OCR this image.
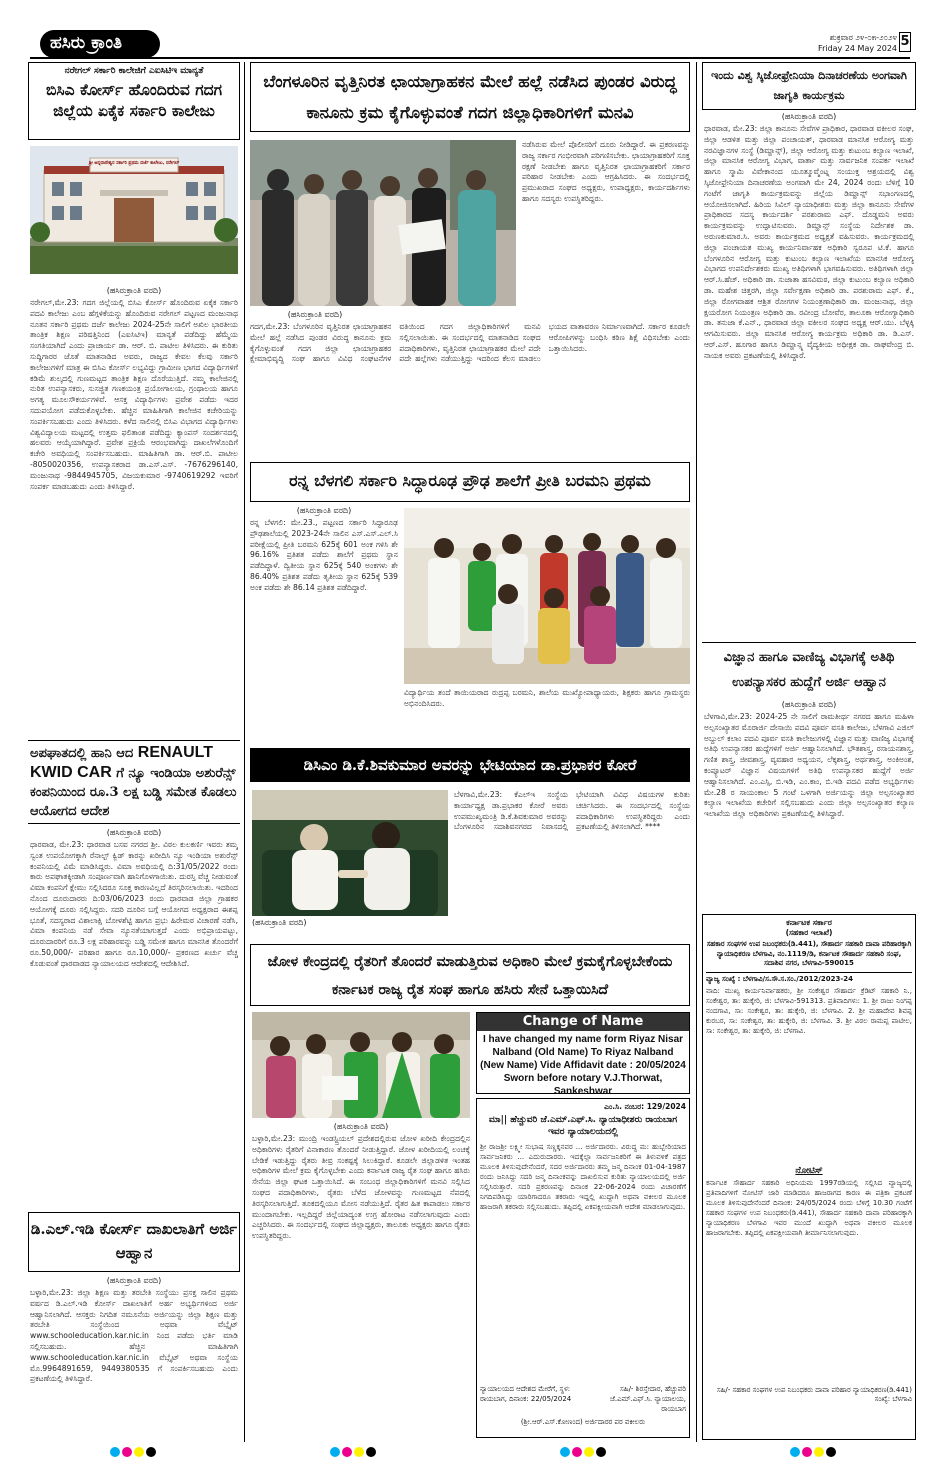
ಹಸಿರು ಕ್ರಾಂತಿ	ಶುಕ್ರವಾರ ೨೪-೦೫-೨೦೨೪
Friday 24 May 2024 5
ನರೇಗಲ್ ಸರ್ಕಾರಿ ಕಾಲೇಜಿಗೆ ಎಐಸಿಟಿಇ ಮಾನ್ಯತೆ
ಬಿಸಿಎ ಕೋರ್ಸ್ ಹೊಂದಿರುವ ಗದಗ ಜಿಲ್ಲೆಯ ಏಕೈಕ ಸರ್ಕಾರಿ ಕಾಲೇಜು
ಶ್ರೀ ಅನ್ನದಾನೇಶ್ವರ ಸರ್ಕಾರಿ ಪ್ರಥಮ ದರ್ಜೆ ಕಾಲೇಜು, ನರೇಗಲ್
(ಹಸಿರುಕ್ರಾಂತಿ ವರದಿ)
ನರೇಗಲ್,ಮೇ.23: ಗದಗ ಜಿಲ್ಲೆಯಲ್ಲಿ ಬಿಸಿಎ ಕೋರ್ಸ್ ಹೊಂದಿರುವ ಏಕೈಕ ಸರ್ಕಾರಿ ಪದವಿ ಕಾಲೇಜು ಎಂಬ ಹೆಗ್ಗಳಿಕೆಯನ್ನು ಹೊಂದಿರುವ ನರೇಗಲ್ ಪಟ್ಟಣದ ಮಂಜುನಾಥ ನೂತನ ಸರ್ಕಾರಿ ಪ್ರಥಮ ದರ್ಜೆ ಕಾಲೇಜು 2024-25ನೇ ಸಾಲಿಗೆ ಅಖಿಲ ಭಾರತೀಯ ತಾಂತ್ರಿಕ ಶಿಕ್ಷಣ ಪರಿಷತ್ತಿನಿಂದ (ಎಐಸಿಟಿಇ) ಮಾನ್ಯತೆ ಪಡೆದಿದ್ದು ಹೆಮ್ಮೆಯ ಸಂಗತಿಯಾಗಿದೆ ಎಂದು ಪ್ರಾಚಾರ್ಯ ಡಾ. ಆರ್. ಬಿ. ಪಾಟೀಲ ತಿಳಿಸಿದರು. ಈ ಕುರಿತು ಸುದ್ದಿಗಾರರ ಜೊತೆ ಮಾತನಾಡಿದ ಅವರು, ರಾಜ್ಯದ ಕೇವಲ ಕೆಲವು ಸರ್ಕಾರಿ ಕಾಲೇಜುಗಳಿಗೆ ಮಾತ್ರ ಈ ಬಿಸಿಎ ಕೋರ್ಸ್ ಲಭ್ಯವಿದ್ದು ಗ್ರಾಮೀಣ ಭಾಗದ ವಿದ್ಯಾರ್ಥಿಗಳಿಗೆ ಕಡಿಮೆ ಶುಲ್ಕದಲ್ಲಿ ಗುಣಮಟ್ಟದ ತಾಂತ್ರಿಕ ಶಿಕ್ಷಣ ದೊರೆಯುತ್ತಿದೆ. ನಮ್ಮ ಕಾಲೇಜಿನಲ್ಲಿ ನುರಿತ ಉಪನ್ಯಾಸಕರು, ಸುಸಜ್ಜಿತ ಗಣಕಯಂತ್ರ ಪ್ರಯೋಗಾಲಯ, ಗ್ರಂಥಾಲಯ ಹಾಗೂ ಅಗತ್ಯ ಮೂಲಸೌಕರ್ಯಗಳಿವೆ. ಆಸಕ್ತ ವಿದ್ಯಾರ್ಥಿಗಳು ಪ್ರವೇಶ ಪಡೆದು ಇದರ ಸದುಪಯೋಗ ಪಡೆದುಕೊಳ್ಳಬೇಕು. ಹೆಚ್ಚಿನ ಮಾಹಿತಿಗಾಗಿ ಕಾಲೇಜಿನ ಕಚೇರಿಯನ್ನು ಸಂಪರ್ಕಿಸಬಹುದು ಎಂದು ತಿಳಿಸಿದರು. ಕಳೆದ ಸಾಲಿನಲ್ಲಿ ಬಿಸಿಎ ವಿಭಾಗದ ವಿದ್ಯಾರ್ಥಿಗಳು ವಿಶ್ವವಿದ್ಯಾಲಯ ಮಟ್ಟದಲ್ಲಿ ಉತ್ತಮ ಫಲಿತಾಂಶ ಪಡೆದಿದ್ದು ಕ್ಯಾಂಪಸ್ ಸಂದರ್ಶನದಲ್ಲಿ ಹಲವರು ಆಯ್ಕೆಯಾಗಿದ್ದಾರೆ. ಪ್ರವೇಶ ಪ್ರಕ್ರಿಯೆ ಆರಂಭವಾಗಿದ್ದು ದಾಖಲೆಗಳೊಂದಿಗೆ ಕಚೇರಿ ಅವಧಿಯಲ್ಲಿ ಸಂಪರ್ಕಿಸಬಹುದು. ಮಾಹಿತಿಗಾಗಿ ಡಾ. ಆರ್.ಬಿ. ಪಾಟೀಲ -8050020356, ಉಪನ್ಯಾಸಕರಾದ ಡಾ.ಎಸ್.ಎಸ್. -7676296140, ಮಂಜುನಾಥ -9844945705, ವಿಜಯಕುಮಾರ -9740619292 ಇವರಿಗೆ ಸಂಪರ್ಕ ಮಾಡಬಹುದು ಎಂದು ತಿಳಿಸಿದ್ದಾರೆ.
ಅಪಘಾತದಲ್ಲಿ ಹಾನಿ ಆದ RENAULT KWID CAR ಗೆ ನ್ಯೂ ಇಂಡಿಯಾ ಅಶುರೆನ್ಸ್ ಕಂಪನಿಯಿಂದ ರೂ.3 ಲಕ್ಷ ಬಡ್ಡಿ ಸಮೇತ ಕೊಡಲು ಆಯೋಗದ ಆದೇಶ
(ಹಸಿರುಕ್ರಾಂತಿ ವರದಿ)
ಧಾರವಾಡ, ಮೇ.23: ಧಾರವಾಡ ಬಸವ ನಗರದ ಶ್ರೀ. ವಿಠಲ ಕುಲಕರ್ಣಿ ಇವರು ತಮ್ಮ ಸ್ವಂತ ಉಪಯೋಗಕ್ಕಾಗಿ ರೆನಾಲ್ಟ್ ಕ್ವಿಡ್ ಕಾರನ್ನು ಖರೀದಿಸಿ ನ್ಯೂ ಇಂಡಿಯಾ ಅಶುರೆನ್ಸ್ ಕಂಪನಿಯಲ್ಲಿ ವಿಮೆ ಮಾಡಿಸಿದ್ದರು. ವಿಮಾ ಅವಧಿಯಲ್ಲಿ ದಿ:31/05/2022 ರಂದು ಕಾರು ಅಪಘಾತಕ್ಕೀಡಾಗಿ ಸಂಪೂರ್ಣವಾಗಿ ಹಾನಿಗೊಳಗಾಯಿತು. ದುರಸ್ತಿ ವೆಚ್ಚ ನೀಡುವಂತೆ ವಿಮಾ ಕಂಪನಿಗೆ ಕ್ಲೇಮು ಸಲ್ಲಿಸಿದರೂ ಸೂಕ್ತ ಕಾರಣವಿಲ್ಲದೆ ತಿರಸ್ಕರಿಸಲಾಯಿತು. ಇದರಿಂದ ನೊಂದ ದೂರುದಾರರು ದಿ:03/06/2023 ರಂದು ಧಾರವಾಡ ಜಿಲ್ಲಾ ಗ್ರಾಹಕರ ಆಯೋಗಕ್ಕೆ ದೂರು ಸಲ್ಲಿಸಿದ್ದರು. ಸದರಿ ದೂರಿನ ಬಗ್ಗೆ ಆಯೋಗದ ಅಧ್ಯಕ್ಷರಾದ ಈಶಪ್ಪ ಭೂತೆ, ಸದಸ್ಯರಾದ ವಿಶಾಲಾಕ್ಷಿ ಬೋಳಶೆಟ್ಟಿ ಹಾಗೂ ಪ್ರಭು ಹಿರೇಮಠ ವಿಚಾರಣೆ ನಡೆಸಿ, ವಿಮಾ ಕಂಪನಿಯ ನಡೆ ಸೇವಾ ನ್ಯೂನತೆಯಾಗುತ್ತದೆ ಎಂದು ಅಭಿಪ್ರಾಯಪಟ್ಟು, ದೂರುದಾರರಿಗೆ ರೂ.3 ಲಕ್ಷ ಪರಿಹಾರವನ್ನು ಬಡ್ಡಿ ಸಮೇತ ಹಾಗೂ ಮಾನಸಿಕ ತೊಂದರೆಗೆ ರೂ.50,000/- ಪರಿಹಾರ ಹಾಗೂ ರೂ.10,000/- ಪ್ರಕರಣದ ಖರ್ಚು ವೆಚ್ಚ ಕೊಡುವಂತೆ ಧಾರವಾಡದ ನ್ಯಾಯಾಲಯದ ಆದೇಶದಲ್ಲಿ ಆದೇಶಿಸಿದೆ.
ಡಿ.ಎಲ್.ಇಡಿ ಕೋರ್ಸ್ ದಾಖಲಾತಿಗೆ ಅರ್ಜಿ ಆಹ್ವಾನ
(ಹಸಿರುಕ್ರಾಂತಿ ವರದಿ)
ಬಳ್ಳಾರಿ,ಮೇ.23: ಜಿಲ್ಲಾ ಶಿಕ್ಷಣ ಮತ್ತು ತರಬೇತಿ ಸಂಸ್ಥೆಯು ಪ್ರಸಕ್ತ ಸಾಲಿನ ಪ್ರಥಮ ವರ್ಷದ ಡಿ.ಎಲ್.ಇಡಿ ಕೋರ್ಸ್ ದಾಖಲಾತಿಗೆ ಅರ್ಹ ಅಭ್ಯರ್ಥಿಗಳಿಂದ ಅರ್ಜಿ ಆಹ್ವಾನಿಸಲಾಗಿದೆ. ಆಸಕ್ತರು ನಿಗದಿತ ನಮೂನೆಯ ಅರ್ಜಿಯನ್ನು ಜಿಲ್ಲಾ ಶಿಕ್ಷಣ ಮತ್ತು ತರಬೇತಿ ಸಂಸ್ಥೆಯಿಂದ ಅಥವಾ ವೆಬ್ಸೈಟ್ www.schooleducation.kar.nic.in ನಿಂದ ಪಡೆದು ಭರ್ತಿ ಮಾಡಿ ಸಲ್ಲಿಸಬಹುದು. ಹೆಚ್ಚಿನ ಮಾಹಿತಿಗಾಗಿ www.schooleducation.kar.nic.in ವೆಬ್ಸೈಟ್ ಅಥವಾ ಸಂಸ್ಥೆಯ ಮೊ.9964891659, 9449380535 ಗೆ ಸಂಪರ್ಕಿಸಬಹುದು ಎಂದು ಪ್ರಕಟಣೆಯಲ್ಲಿ ತಿಳಿಸಿದ್ದಾರೆ.
ಬೆಂಗಳೂರಿನ ವೃತ್ತಿನಿರತ ಛಾಯಾಗ್ರಾಹಕನ ಮೇಲೆ ಹಲ್ಲೆ ನಡೆಸಿದ ಪುಂಡರ ವಿರುದ್ಧ ಕಾನೂನು ಕ್ರಮ ಕೈಗೊಳ್ಳುವಂತೆ ಗದಗ ಜಿಲ್ಲಾಧಿಕಾರಿಗಳಿಗೆ ಮನವಿ
ನಡೆಸಿರುವ ಮೇಲೆ ಪೊಲೀಸರಿಗೆ ದೂರು ನೀಡಿದ್ದಾರೆ. ಈ ಪ್ರಕರಣವನ್ನು ರಾಜ್ಯ ಸರ್ಕಾರ ಗಂಭೀರವಾಗಿ ಪರಿಗಣಿಸಬೇಕು. ಛಾಯಾಗ್ರಾಹಕರಿಗೆ ಸೂಕ್ತ ರಕ್ಷಣೆ ನೀಡಬೇಕು ಹಾಗೂ ವೃತ್ತಿನಿರತ ಛಾಯಾಗ್ರಾಹಕರಿಗೆ ಸರ್ಕಾರ ಪರಿಹಾರ ನೀಡಬೇಕು ಎಂದು ಆಗ್ರಹಿಸಿದರು. ಈ ಸಂದರ್ಭದಲ್ಲಿ ಪ್ರಮುಖರಾದ ಸಂಘದ ಅಧ್ಯಕ್ಷರು, ಉಪಾಧ್ಯಕ್ಷರು, ಕಾರ್ಯದರ್ಶಿಗಳು ಹಾಗೂ ಸದಸ್ಯರು ಉಪಸ್ಥಿತರಿದ್ದರು.
(ಹಸಿರುಕ್ರಾಂತಿ ವರದಿ)
ಗದಗ,ಮೇ.23: ಬೆಂಗಳೂರಿನ ವೃತ್ತಿನಿರತ ಛಾಯಾಗ್ರಾಹಕನ ಮೇಲೆ ಹಲ್ಲೆ ನಡೆಸಿದ ಪುಂಡರ ವಿರುದ್ಧ ಕಾನೂನು ಕ್ರಮ ಕೈಗೊಳ್ಳುವಂತೆ ಗದಗ ಜಿಲ್ಲಾ ಛಾಯಾಗ್ರಾಹಕರ ಕ್ಷೇಮಾಭಿವೃದ್ಧಿ ಸಂಘ ಹಾಗೂ ವಿವಿಧ ಸಂಘಟನೆಗಳ ವತಿಯಿಂದ ಗದಗ ಜಿಲ್ಲಾಧಿಕಾರಿಗಳಿಗೆ ಮನವಿ ಸಲ್ಲಿಸಲಾಯಿತು. ಈ ಸಂದರ್ಭದಲ್ಲಿ ಮಾತನಾಡಿದ ಸಂಘದ ಪದಾಧಿಕಾರಿಗಳು, ವೃತ್ತಿನಿರತ ಛಾಯಾಗ್ರಾಹಕರ ಮೇಲೆ ಪದೇ ಪದೇ ಹಲ್ಲೆಗಳು ನಡೆಯುತ್ತಿದ್ದು ಇದರಿಂದ ಕೆಲಸ ಮಾಡಲು ಭಯದ ವಾತಾವರಣ ನಿರ್ಮಾಣವಾಗಿದೆ. ಸರ್ಕಾರ ಕೂಡಲೇ ಆರೋಪಿಗಳನ್ನು ಬಂಧಿಸಿ ಕಠಿಣ ಶಿಕ್ಷೆ ವಿಧಿಸಬೇಕು ಎಂದು ಒತ್ತಾಯಿಸಿದರು.
ರನ್ನ ಬೆಳಗಲಿ ಸರ್ಕಾರಿ ಸಿದ್ಧಾರೂಢ ಪ್ರೌಢ ಶಾಲೆಗೆ ಪ್ರೀತಿ ಬರಮನಿ ಪ್ರಥಮ
(ಹಸಿರುಕ್ರಾಂತಿ ವರದಿ)
ರನ್ನ ಬೆಳಗಲಿ: ಮೇ.23., ಪಟ್ಟಣದ ಸರ್ಕಾರಿ ಸಿದ್ಧಾರೂಢ ಪ್ರೌಢಶಾಲೆಯಲ್ಲಿ 2023-24ನೇ ಸಾಲಿನ ಎಸ್.ಎಸ್.ಎಲ್.ಸಿ ಪರೀಕ್ಷೆಯಲ್ಲಿ ಪ್ರೀತಿ ಬರಮನಿ 625ಕ್ಕೆ 601 ಅಂಕ ಗಳಿಸಿ ಶೇ 96.16% ಪ್ರತಿಶತ ಪಡೆದು ಶಾಲೆಗೆ ಪ್ರಥಮ ಸ್ಥಾನ ಪಡೆದಿದ್ದಾಳೆ. ದ್ವಿತೀಯ ಸ್ಥಾನ 625ಕ್ಕೆ 540 ಅಂಕಗಳು ಶೇ 86.40% ಪ್ರತಿಶತ ಪಡೆದು ತೃತೀಯ ಸ್ಥಾನ 625ಕ್ಕೆ 539 ಅಂಕ ಪಡೆದು ಶೇ 86.14 ಪ್ರತಿಶತ ಪಡೆದಿದ್ದಾರೆ.
ವಿದ್ಯಾರ್ಥಿಯ ತಂದೆ ತಾಯಿಯರಾದ ರುದ್ರಪ್ಪ ಬರಮನಿ, ಶಾಲೆಯ ಮುಖ್ಯೋಪಾಧ್ಯಾಯರು, ಶಿಕ್ಷಕರು ಹಾಗೂ ಗ್ರಾಮಸ್ಥರು ಅಭಿನಂದಿಸಿದರು.
ಡಿಸಿಎಂ ಡಿ.ಕೆ.ಶಿವಕುಮಾರ ಅವರನ್ನು ಭೇಟಿಯಾದ ಡಾ.ಪ್ರಭಾಕರ ಕೋರೆ
(ಹಸಿರುಕ್ರಾಂತಿ ವರದಿ)
ಬೆಳಗಾವಿ,ಮೇ.23: ಕೆಎಲ್ಇ ಸಂಸ್ಥೆಯ ಕಾರ್ಯಾಧ್ಯಕ್ಷ ಡಾ.ಪ್ರಭಾಕರ ಕೋರೆ ಅವರು ಉಪಮುಖ್ಯಮಂತ್ರಿ ಡಿ.ಕೆ.ಶಿವಕುಮಾರ ಅವರನ್ನು ಬೆಂಗಳೂರಿನ ಸದಾಶಿವನಗರದ ನಿವಾಸದಲ್ಲಿ ಭೇಟಿಯಾಗಿ ವಿವಿಧ ವಿಷಯಗಳ ಕುರಿತು ಚರ್ಚಿಸಿದರು. ಈ ಸಂದರ್ಭದಲ್ಲಿ ಸಂಸ್ಥೆಯ ಪದಾಧಿಕಾರಿಗಳು ಉಪಸ್ಥಿತರಿದ್ದರು ಎಂದು ಪ್ರಕಟಣೆಯಲ್ಲಿ ತಿಳಿಸಲಾಗಿದೆ. ****
ಜೋಳ ಕೇಂದ್ರದಲ್ಲಿ ರೈತರಿಗೆ ತೊಂದರೆ ಮಾಡುತ್ತಿರುವ ಅಧಿಕಾರಿ ಮೇಲೆ ಕ್ರಮಕೈಗೊಳ್ಳಬೇಕೆಂದು ಕರ್ನಾಟಕ ರಾಜ್ಯ ರೈತ ಸಂಘ ಹಾಗೂ ಹಸಿರು ಸೇನೆ ಒತ್ತಾಯಿಸಿದೆ
(ಹಸಿರುಕ್ರಾಂತಿ ವರದಿ)
ಬಳ್ಳಾರಿ,ಮೇ.23: ಮುಂದ್ರಿ ಇಂಡಸ್ಟ್ರಿಯಲ್ ಪ್ರದೇಶದಲ್ಲಿರುವ ಜೋಳ ಖರೀದಿ ಕೇಂದ್ರದಲ್ಲಿನ ಅಧಿಕಾರಿಗಳು ರೈತರಿಗೆ ವಿನಾಕಾರಣ ತೊಂದರೆ ನೀಡುತ್ತಿದ್ದಾರೆ. ಜೋಳ ಖರೀದಿಯಲ್ಲಿ ಲಂಚಕ್ಕೆ ಬೇಡಿಕೆ ಇಡುತ್ತಿದ್ದು ರೈತರು ತೀವ್ರ ಸಂಕಷ್ಟಕ್ಕೆ ಸಿಲುಕಿದ್ದಾರೆ. ಕೂಡಲೇ ಜಿಲ್ಲಾಡಳಿತ ಇಂತಹ ಅಧಿಕಾರಿಗಳ ಮೇಲೆ ಕ್ರಮ ಕೈಗೊಳ್ಳಬೇಕು ಎಂದು ಕರ್ನಾಟಕ ರಾಜ್ಯ ರೈತ ಸಂಘ ಹಾಗೂ ಹಸಿರು ಸೇನೆಯ ಜಿಲ್ಲಾ ಘಟಕ ಒತ್ತಾಯಿಸಿದೆ. ಈ ಸಂಬಂಧ ಜಿಲ್ಲಾಧಿಕಾರಿಗಳಿಗೆ ಮನವಿ ಸಲ್ಲಿಸಿದ ಸಂಘದ ಪದಾಧಿಕಾರಿಗಳು, ರೈತರು ಬೆಳೆದ ಜೋಳವನ್ನು ಗುಣಮಟ್ಟದ ನೆಪದಲ್ಲಿ ತಿರಸ್ಕರಿಸಲಾಗುತ್ತಿದೆ. ತೂಕದಲ್ಲಿಯೂ ಮೋಸ ನಡೆಯುತ್ತಿದೆ. ರೈತರ ಹಿತ ಕಾಪಾಡಲು ಸರ್ಕಾರ ಮುಂದಾಗಬೇಕು. ಇಲ್ಲದಿದ್ದರೆ ಜಿಲ್ಲೆಯಾದ್ಯಂತ ಉಗ್ರ ಹೋರಾಟ ನಡೆಸಲಾಗುವುದು ಎಂದು ಎಚ್ಚರಿಸಿದರು. ಈ ಸಂದರ್ಭದಲ್ಲಿ ಸಂಘದ ಜಿಲ್ಲಾಧ್ಯಕ್ಷರು, ತಾಲೂಕು ಅಧ್ಯಕ್ಷರು ಹಾಗೂ ರೈತರು ಉಪಸ್ಥಿತರಿದ್ದರು.
Change of Name
I have changed my name form Riyaz Nisar Nalband (Old Name) To Riyaz Nalband (New Name) Vide Affidavit date : 20/05/2024 Sworn before notary V.J.Thorwat, Sankeshwar
ಎಂ.ಸಿ. ನಂಬರ: 129/2024
ಮಾ|| ಹೆಚ್ಚುವರಿ ಜೆ.ಎಮ್.ಎಫ್.ಸಿ. ನ್ಯಾಯಾಧೀಶರು ರಾಯಬಾಗ ಇವರ ನ್ಯಾಯಾಲಯದಲ್ಲಿ
ಶ್ರೀ ರಾಜಶ್ರೀ ಲಕ್ಷ್ಮೀ ಸುಭಾಷ ಸಣ್ಣಕ್ಕನವರ ... ಅರ್ಜಿದಾರರು. ವಿರುದ್ಧ ಮ: ಹುಬ್ಬೇರಿಯಾದ ಸಾರ್ವಜನಿಕರು ... ಎದುರುದಾರರು. ಇದಕ್ಕೆಲ್ಲಾ ಸಾರ್ವಜನಿಕರಿಗೆ ಈ ತಿಳುವಳಿಕೆ ಪತ್ರದ ಮೂಲಕ ತಿಳಿಸುವುದೇನೆಂದರೆ, ಸದರ ಅರ್ಜಿದಾರರು ತಮ್ಮ ಜನ್ಮ ದಿನಾಂಕ 01-04-1987 ರಂದು ಜನಿಸಿದ್ದು ಸದರಿ ಜನ್ಮ ದಿನಾಂಕವನ್ನು ದಾಖಲಿಸುವ ಕುರಿತು ನ್ಯಾಯಾಲಯದಲ್ಲಿ ಅರ್ಜಿ ಸಲ್ಲಿಸಿರುತ್ತಾರೆ. ಸದರಿ ಪ್ರಕರಣವನ್ನು ದಿನಾಂಕ 22-06-2024 ರಂದು ವಿಚಾರಣೆಗೆ ನಿಗದಿಪಡಿಸಿದ್ದು ಯಾರಿಗಾದರೂ ತಕರಾರು ಇದ್ದಲ್ಲಿ ಖುದ್ದಾಗಿ ಅಥವಾ ವಕೀಲರ ಮೂಲಕ ಹಾಜರಾಗಿ ತಕರಾರು ಸಲ್ಲಿಸಬಹುದು. ತಪ್ಪಿದಲ್ಲಿ ಏಕಪಕ್ಷೀಯವಾಗಿ ಆದೇಶ ಮಾಡಲಾಗುವುದು.
ನ್ಯಾಯಾಲಯದ ಆದೇಶದ ಮೇರೆಗೆ, ಸ್ಥಳ: ರಾಯಬಾಗ, ದಿನಾಂಕ: 22/05/2024
ಸಹಿ/- ಶಿರಸ್ತೇದಾರ, ಹೆಚ್ಚುವರಿ ಜೆ.ಎಮ್.ಎಫ್.ಸಿ. ನ್ಯಾಯಾಲಯ, ರಾಯಬಾಗ
(ಶ್ರೀ.ಆರ್.ಎಸ್.ಕೋಣಂದ) ಅರ್ಜಿದಾರರ ಪರ ವಕೀಲರು
ಇಂದು ವಿಶ್ವ ಸ್ಕಿಜೋಫ್ರೇನಿಯಾ ದಿನಾಚರಣೆಯ ಅಂಗವಾಗಿ ಜಾಗೃತಿ ಕಾರ್ಯಕ್ರಮ
(ಹಸಿರುಕ್ರಾಂತಿ ವರದಿ)
ಧಾರವಾಡ, ಮೇ.23: ಜಿಲ್ಲಾ ಕಾನೂನು ಸೇವೆಗಳ ಪ್ರಾಧಿಕಾರ, ಧಾರವಾಡ ವಕೀಲರ ಸಂಘ, ಜಿಲ್ಲಾ ಆಡಳಿತ ಮತ್ತು ಜಿಲ್ಲಾ ಪಂಚಾಯತ್, ಧಾರವಾಡ ಮಾನಸಿಕ ಆರೋಗ್ಯ ಮತ್ತು ನರವಿಜ್ಞಾನಗಳ ಸಂಸ್ಥೆ (ಡಿಮ್ಹಾನ್ಸ್), ಜಿಲ್ಲಾ ಆರೋಗ್ಯ ಮತ್ತು ಕುಟುಂಬ ಕಲ್ಯಾಣ ಇಲಾಖೆ, ಜಿಲ್ಲಾ ಮಾನಸಿಕ ಆರೋಗ್ಯ ವಿಭಾಗ, ವಾರ್ತಾ ಮತ್ತು ಸಾರ್ವಜನಿಕ ಸಂಪರ್ಕ ಇಲಾಖೆ ಹಾಗೂ ಸ್ಮಾಮಿ ವಿವೇಕಾನಂದ ಯೂತ್ಮೂವ್ಮೆಂಟ್ನ ಸಂಯುಕ್ತ ಆಶ್ರಯದಲ್ಲಿ ವಿಶ್ವ ಸ್ಕಿಜೋಫ್ರೇನಿಯಾ ದಿನಾಚರಣೆಯ ಅಂಗವಾಗಿ ಮೇ 24, 2024 ರಂದು ಬೆಳಿಗ್ಗೆ 10 ಗಂಟೆಗೆ ಜಾಗೃತಿ ಕಾರ್ಯಕ್ರಮವನ್ನು ಜಿಲ್ಲೆಯ ಡಿಮ್ಹಾನ್ಸ್ ಸಭಾಂಗಣದಲ್ಲಿ ಆಯೋಜಿಸಲಾಗಿದೆ. ಹಿರಿಯ ಸಿವಿಲ್ ನ್ಯಾಯಾಧೀಶರು ಮತ್ತು ಜಿಲ್ಲಾ ಕಾನೂನು ಸೇವೆಗಳ ಪ್ರಾಧಿಕಾರದ ಸದಸ್ಯ ಕಾರ್ಯದರ್ಶಿ ಪರಶುರಾಮ ಎಫ್. ದೊಡ್ಡಮನಿ ಅವರು ಕಾರ್ಯಕ್ರಮವನ್ನು ಉದ್ಘಾಟಿಸುವರು. ಡಿಮ್ಹಾನ್ಸ್ ಸಂಸ್ಥೆಯ ನಿರ್ದೇಶಕ ಡಾ. ಅರುಣಕುಮಾರ.ಸಿ. ಅವರು ಕಾರ್ಯಕ್ರಮದ ಅಧ್ಯಕ್ಷತೆ ವಹಿಸುವರು. ಕಾರ್ಯಕ್ರಮದಲ್ಲಿ ಜಿಲ್ಲಾ ಪಂಚಾಯತ ಮುಖ್ಯ ಕಾರ್ಯನಿರ್ವಾಹಕ ಅಧಿಕಾರಿ ಸ್ವರೂಪ ಟಿ.ಕೆ. ಹಾಗೂ ಬೆಂಗಳೂರಿನ ಆರೋಗ್ಯ ಮತ್ತು ಕುಟುಂಬ ಕಲ್ಯಾಣ ಇಲಾಖೆಯ ಮಾನಸಿಕ ಆರೋಗ್ಯ ವಿಭಾಗದ ಉಪನಿರ್ದೇಶಕರು ಮುಖ್ಯ ಅತಿಥಿಗಳಾಗಿ ಭಾಗವಹಿಸುವರು. ಅತಿಥಿಗಳಾಗಿ ಜಿಲ್ಲಾ ಆರ್.ಸಿ.ಹೆಚ್. ಅಧಿಕಾರಿ ಡಾ. ಸುಜಾತಾ ಹಸವಿಮಠ, ಜಿಲ್ಲಾ ಕುಟುಂಬ ಕಲ್ಯಾಣ ಅಧಿಕಾರಿ ಡಾ. ಮಹೇಶ ಚಿತ್ತರಗಿ, ಜಿಲ್ಲಾ ಸರ್ವೇಕ್ಷಣಾ ಅಧಿಕಾರಿ ಡಾ. ಪರಶುರಾಮ ಎಫ್. ಕೆ., ಜಿಲ್ಲಾ ರೋಗವಾಹಕ ಆಶ್ರಿತ ರೋಗಗಳ ನಿಯಂತ್ರಣಾಧಿಕಾರಿ ಡಾ. ಮಂಜುನಾಥ, ಜಿಲ್ಲಾ ಕ್ಷಯರೋಗ ನಿಯಂತ್ರಣ ಅಧಿಕಾರಿ ಡಾ. ರವೀಂದ್ರ ಬೋವೆರ, ತಾಲೂಕಾ ಆರೋಗ್ಯಾಧಿಕಾರಿ ಡಾ. ತನುಜಾ ಕೆ.ಎನ್., ಧಾರವಾಡ ಜಿಲ್ಲಾ ವಕೀಲರ ಸಂಘದ ಅಧ್ಯಕ್ಷ ಆರ್.ಯು. ಬೆಳ್ಳಕ್ಕಿ ಆಗಮಿಸುವರು. ಜಿಲ್ಲಾ ಮಾನಸಿಕ ಆರೋಗ್ಯ ಕಾರ್ಯಕ್ರಮ ಅಧಿಕಾರಿ ಡಾ. ಡಿ.ಎಸ್. ಆರ್.ಎಸ್. ಹೂಗಾರ ಹಾಗೂ ಡಿಮ್ಹಾನ್ಸ್ನ ವೈದ್ಯಕೀಯ ಅಧೀಕ್ಷಕ ಡಾ. ರಾಘವೇಂದ್ರ ಬಿ. ನಾಯಕ ಅವರು ಪ್ರಕಟಣೆಯಲ್ಲಿ ತಿಳಿಸಿದ್ದಾರೆ.
ವಿಜ್ಞಾನ ಹಾಗೂ ವಾಣಿಜ್ಯ ವಿಭಾಗಕ್ಕೆ ಅತಿಥಿ ಉಪನ್ಯಾಸಕರ ಹುದ್ದೆಗೆ ಅರ್ಜಿ ಆಹ್ವಾನ
(ಹಸಿರುಕ್ರಾಂತಿ ವರದಿ)
ಬೆಳಗಾವಿ,ಮೇ.23: 2024-25 ನೇ ಸಾಲಿಗೆ ರಾಮತೀರ್ಥ ನಗರದ ಹಾಗೂ ಮಹಿಳಾ ಅಲ್ಪಸಂಖ್ಯಾತರ ಮೊರಾರ್ಜಿ ದೇಸಾಯಿ ಪದವಿ ಪೂರ್ವ ವಸತಿ ಕಾಲೇಜು, ಬೆಳಗಾವಿ ಎಜಿಲ್ ಅಬ್ದುಲ್ ಕಲಾಂ ಪದವಿ ಪೂರ್ವ ವಸತಿ ಕಾಲೇಜುಗಳಲ್ಲಿ ವಿಜ್ಞಾನ ಮತ್ತು ವಾಣಿಜ್ಯ ವಿಭಾಗಕ್ಕೆ ಅತಿಥಿ ಉಪನ್ಯಾಸಕರ ಹುದ್ದೆಗಳಿಗೆ ಅರ್ಜಿ ಆಹ್ವಾನಿಸಲಾಗಿದೆ. ಭೌತಶಾಸ್ತ್ರ, ರಸಾಯನಶಾಸ್ತ್ರ, ಗಣಿತ ಶಾಸ್ತ್ರ, ಜೀವಶಾಸ್ತ್ರ, ವ್ಯವಹಾರ ಅಧ್ಯಯನ, ಲೆಕ್ಕಶಾಸ್ತ್ರ, ಅರ್ಥಶಾಸ್ತ್ರ, ಅಂಕಿಅಂಶ, ಕಂಪ್ಯೂಟರ್ ವಿಜ್ಞಾನ ವಿಷಯಗಳಿಗೆ ಅತಿಥಿ ಉಪನ್ಯಾಸಕರ ಹುದ್ದೆಗೆ ಅರ್ಜಿ ಆಹ್ವಾನಿಸಲಾಗಿದೆ. ಎಂ.ಎಸ್ಸಿ, ಬಿ.ಇಡಿ, ಎಂ.ಕಾಂ, ಬಿ.ಇಡಿ ಪದವಿ ಪಡೆದ ಅಭ್ಯರ್ಥಿಗಳು ಮೇ.28 ರ ಸಾಯಂಕಾಲ 5 ಗಂಟೆ ಒಳಗಾಗಿ ಅರ್ಜಿಯನ್ನು ಜಿಲ್ಲಾ ಅಲ್ಪಸಂಖ್ಯಾತರ ಕಲ್ಯಾಣ ಇಲಾಖೆಯ ಕಚೇರಿಗೆ ಸಲ್ಲಿಸಬಹುದು ಎಂದು ಜಿಲ್ಲಾ ಅಲ್ಪಸಂಖ್ಯಾತರ ಕಲ್ಯಾಣ ಇಲಾಖೆಯ ಜಿಲ್ಲಾ ಅಧಿಕಾರಿಗಳು ಪ್ರಕಟಣೆಯಲ್ಲಿ ತಿಳಿಸಿದ್ದಾರೆ.
ಕರ್ನಾಟಕ ಸರ್ಕಾರ
(ಸಹಕಾರ ಇಲಾಖೆ)
ಸಹಕಾರ ಸಂಘಗಳ ಉಪ ನಿಬಂಧಕರು(ಡಿ.441), ಸೌಹಾರ್ದ ಸಹಕಾರಿ ದಾವಾ ಪರಿಹಾರಕ್ಕಾಗಿ ನ್ಯಾಯಾಧಿಕರಣ ಬೆಳಗಾವಿ, ನಂ.1119/ಡಿ, ಕರ್ನಾಟಕ ಸೌಹಾರ್ದ ಸಹಕಾರಿ ಸಂಘ, ಸದಾಶಿವ ನಗರ, ಬೆಳಗಾವಿ-590015
ವ್ಯಾಜ್ಯ ಸಂಖ್ಯೆ : ಬೆಳಗಾವಿ/ಸ.ಸೌ.ಸ.ಸಂ./2012/2023-24
ವಾದಿ: ಮುಖ್ಯ ಕಾರ್ಯನಿರ್ವಾಹಕರು, ಶ್ರೀ ಸಂಕೇಶ್ವರ ಸೌಹಾರ್ದ ಕ್ರೆಡಿಟ್ ಸಹಕಾರಿ ನಿ., ಸಂಕೇಶ್ವರ, ತಾ: ಹುಕ್ಕೇರಿ, ಜಿ: ಬೆಳಗಾವಿ-591313. ಪ್ರತಿವಾದಿಗಳು: 1. ಶ್ರೀ ರಾಜು ನಿಂಗಪ್ಪ ನಂದಗಾವಿ, ಸಾ: ಸಂಕೇಶ್ವರ, ತಾ: ಹುಕ್ಕೇರಿ, ಜಿ: ಬೆಳಗಾವಿ. 2. ಶ್ರೀ ಮಹಾದೇವ ಶಿವಪ್ಪ ಕುರಬರ, ಸಾ: ಸಂಕೇಶ್ವರ, ತಾ: ಹುಕ್ಕೇರಿ, ಜಿ: ಬೆಳಗಾವಿ. 3. ಶ್ರೀ ವಿಠಲ ರಾಮಪ್ಪ ಪಾಟೀಲ, ಸಾ: ಸಂಕೇಶ್ವರ, ತಾ: ಹುಕ್ಕೇರಿ, ಜಿ: ಬೆಳಗಾವಿ.
ನೋಟಿಸ್
ಕರ್ನಾಟಕ ಸೌಹಾರ್ದ ಸಹಕಾರಿ ಅಧಿನಿಯಮ 1997ರಡಿಯಲ್ಲಿ ಸಲ್ಲಿಸಿದ ವ್ಯಾಜ್ಯದಲ್ಲಿ ಪ್ರತಿವಾದಿಗಳಿಗೆ ನೋಟಿಸ್ ಜಾರಿ ಮಾಡಿದರೂ ಹಾಜರಾಗದ ಕಾರಣ ಈ ಪತ್ರಿಕಾ ಪ್ರಕಟಣೆ ಮೂಲಕ ತಿಳಿಸುವುದೇನೆಂದರೆ ದಿನಾಂಕ: 24/05/2024 ರಂದು ಬೆಳಿಗ್ಗೆ 10.30 ಗಂಟೆಗೆ ಸಹಕಾರ ಸಂಘಗಳ ಉಪ ನಿಬಂಧಕರು(ಡಿ.441), ಸೌಹಾರ್ದ ಸಹಕಾರಿ ದಾವಾ ಪರಿಹಾರಕ್ಕಾಗಿ ನ್ಯಾಯಾಧಿಕರಣ ಬೆಳಗಾವಿ ಇವರ ಮುಂದೆ ಖುದ್ದಾಗಿ ಅಥವಾ ವಕೀಲರ ಮೂಲಕ ಹಾಜರಾಗಬೇಕು. ತಪ್ಪಿದಲ್ಲಿ ಏಕಪಕ್ಷೀಯವಾಗಿ ತೀರ್ಮಾನಿಸಲಾಗುವುದು.
ಸಹಿ/- ಸಹಕಾರ ಸಂಘಗಳ ಉಪ ನಿಬಂಧಕರು ದಾವಾ ಪರಿಹಾರ ನ್ಯಾಯಾಧಿಕರಣ(ಡಿ.441) ಸಂಖ್ಯೆ: ಬೆಳಗಾವಿ
